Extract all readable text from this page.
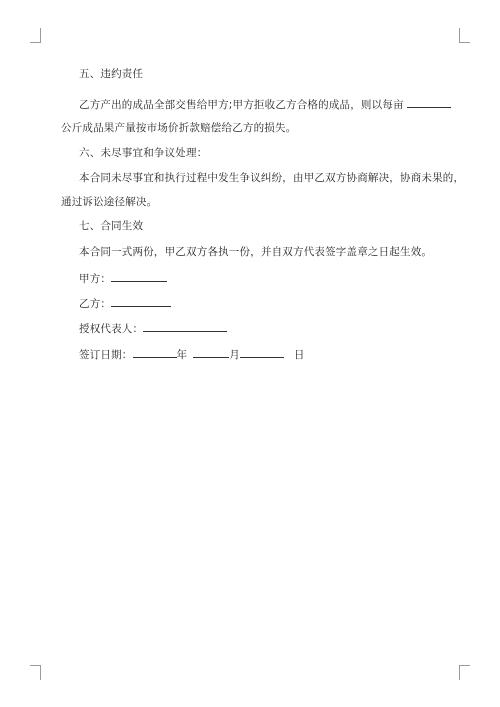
五、违约责任
乙方产出的成品全部交售给甲方;甲方拒收乙方合格的成品，则以每亩
公斤成品果产量按市场价折款赔偿给乙方的损失。
六、未尽事宜和争议处理：
本合同未尽事宜和执行过程中发生争议纠纷，由甲乙双方协商解决，协商未果的，
通过诉讼途径解决。
七、合同生效
本合同一式两份，甲乙双方各执一份，并自双方代表签字盖章之日起生效。
甲方：
乙方：
授权代表人：
签订日期：	年	月	日
